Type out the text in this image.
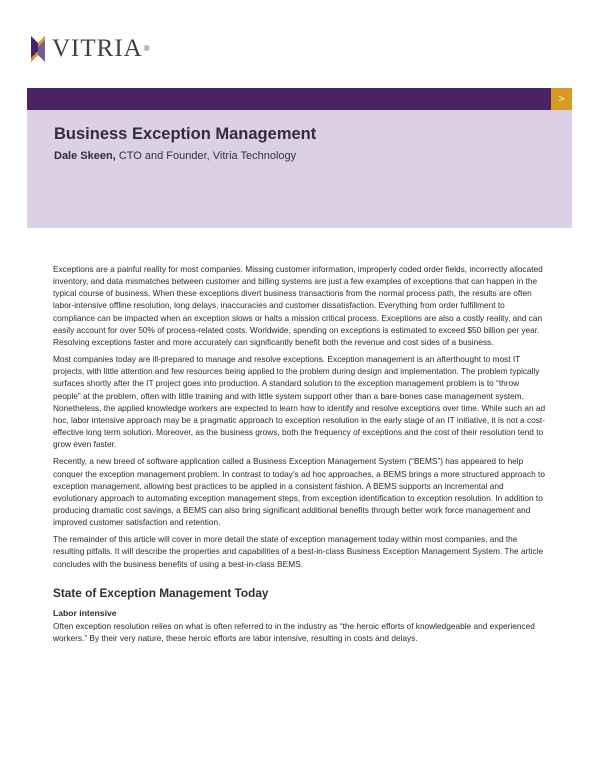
VITRIA®
>
Business Exception Management
Dale Skeen, CTO and Founder, Vitria Technology

Exceptions are a painful reality for most companies. Missing customer information, improperly coded order fields, incorrectly allocated inventory, and data mismatches between customer and billing systems are just a few examples of exceptions that can happen in the typical course of business. When these exceptions divert business transactions from the normal process path, the results are often labor-intensive offline resolution, long delays, inaccuracies and customer dissatisfaction. Everything from order fulfillment to compliance can be impacted when an exception slows or halts a mission critical process. Exceptions are also a costly reality, and can easily account for over 50% of process-related costs. Worldwide, spending on exceptions is estimated to exceed $50 billion per year. Resolving exceptions faster and more accurately can significantly benefit both the revenue and cost sides of a business.

Most companies today are ill-prepared to manage and resolve exceptions. Exception management is an afterthought to most IT projects, with little attention and few resources being applied to the problem during design and implementation. The problem typically surfaces shortly after the IT project goes into production. A standard solution to the exception management problem is to “throw people” at the problem, often with little training and with little system support other than a bare-bones case management system. Nonetheless, the applied knowledge workers are expected to learn how to identify and resolve exceptions over time. While such an ad hoc, labor intensive approach may be a pragmatic approach to exception resolution in the early stage of an IT initiative, it is not a cost-effective long term solution. Moreover, as the business grows, both the frequency of exceptions and the cost of their resolution tend to grow even faster.

Recently, a new breed of software application called a Business Exception Management System (“BEMS”) has appeared to help conquer the exception management problem. In contrast to today’s ad hoc approaches, a BEMS brings a more structured approach to exception management, allowing best practices to be applied in a consistent fashion. A BEMS supports an incremental and evolutionary approach to automating exception management steps, from exception identification to exception resolution. In addition to producing dramatic cost savings, a BEMS can also bring significant additional benefits through better work force management and improved customer satisfaction and retention.

The remainder of this article will cover in more detail the state of exception management today within most companies, and the resulting pitfalls. It will describe the properties and capabilities of a best-in-class Business Exception Management System. The article concludes with the business benefits of using a best-in-class BEMS.

State of Exception Management Today
Labor intensive

Often exception resolution relies on what is often referred to in the industry as “the heroic efforts of knowledgeable and experienced workers.” By their very nature, these heroic efforts are labor intensive, resulting in costs and delays.
